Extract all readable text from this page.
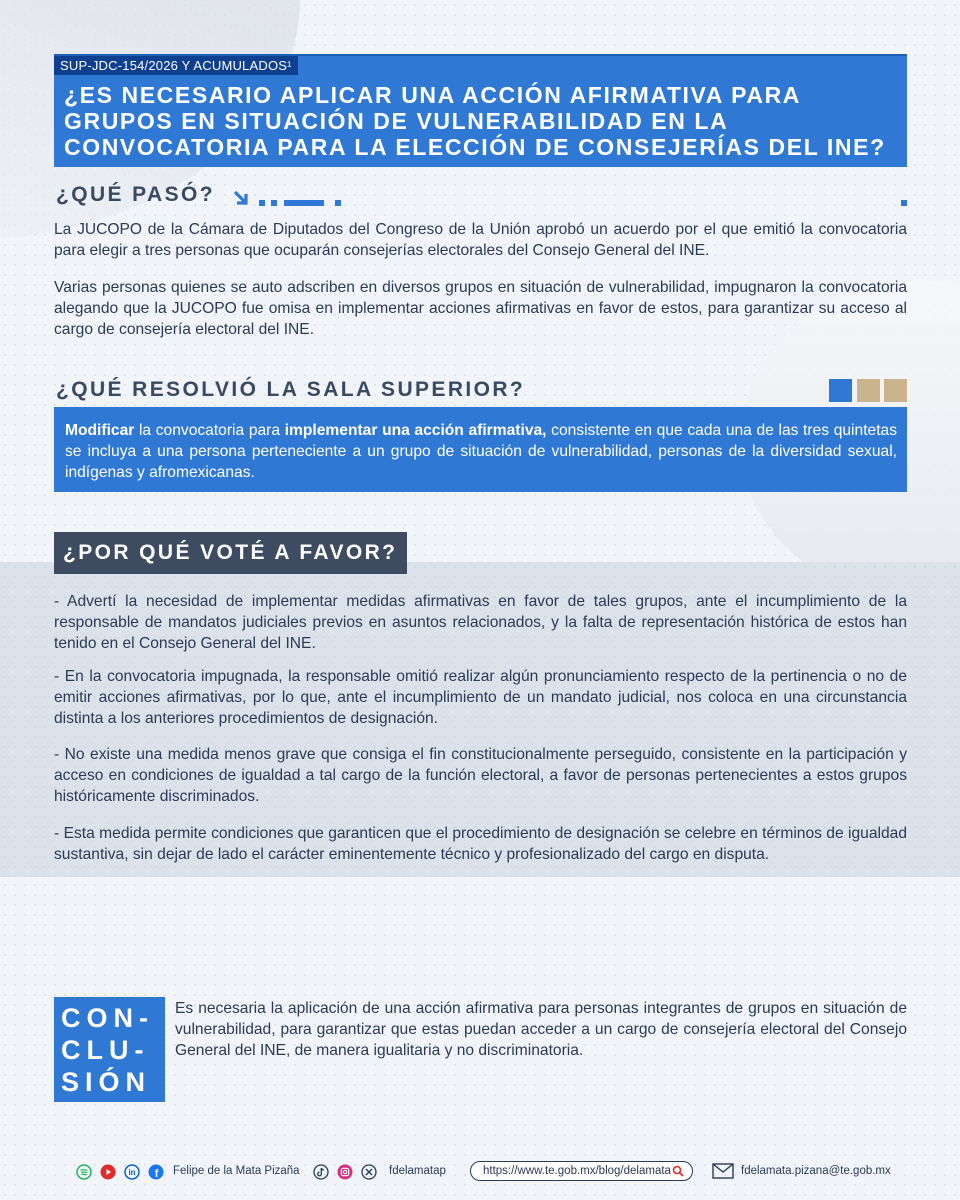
¿ES NECESARIO APLICAR UNA ACCIÓN AFIRMATIVA PARA GRUPOS EN SITUACIÓN DE VULNERABILIDAD EN LA CONVOCATORIA PARA LA ELECCIÓN DE CONSEJERÍAS DEL INE?
SUP-JDC-154/2026 Y ACUMULADOS¹
¿QUÉ PASÓ?

La JUCOPO de la Cámara de Diputados del Congreso de la Unión aprobó un acuerdo por el que emitió la convocatoria para elegir a tres personas que ocuparán consejerías electorales del Consejo General del INE.

Varias personas quienes se auto adscriben en diversos grupos en situación de vulnerabilidad, impugnaron la convocatoria alegando que la JUCOPO fue omisa en implementar acciones afirmativas en favor de estos, para garantizar su acceso al cargo de consejería electoral del INE.

¿QUÉ RESOLVIÓ LA SALA SUPERIOR?

Modificar la convocatoria para implementar una acción afirmativa, consistente en que cada una de las tres quintetas se incluya a una persona perteneciente a un grupo de situación de vulnerabilidad, personas de la diversidad sexual, indígenas y afromexicanas.

¿POR QUÉ VOTÉ A FAVOR?

- Advertí la necesidad de implementar medidas afirmativas en favor de tales grupos, ante el incumplimiento de la responsable de mandatos judiciales previos en asuntos relacionados, y la falta de representación histórica de estos han tenido en el Consejo General del INE.

- En la convocatoria impugnada, la responsable omitió realizar algún pronunciamiento respecto de la pertinencia o no de emitir acciones afirmativas, por lo que, ante el incumplimiento de un mandato judicial, nos coloca en una circunstancia distinta a los anteriores procedimientos de designación.

- No existe una medida menos grave que consiga el fin constitucionalmente perseguido, consistente en la participación y acceso en condiciones de igualdad a tal cargo de la función electoral, a favor de personas pertenecientes a estos grupos históricamente discriminados.

- Esta medida permite condiciones que garanticen que el procedimiento de designación se celebre en términos de igualdad sustantiva, sin dejar de lado el carácter eminentemente técnico y profesionalizado del cargo en disputa.

CON-
CLU-
SIÓN

Es necesaria la aplicación de una acción afirmativa para personas integrantes de grupos en situación de vulnerabilidad, para garantizar que estas puedan acceder a un cargo de consejería electoral del Consejo General del INE, de manera igualitaria y no discriminatoria.

in f Felipe de la Mata Pizaña	fdelamatap	https://www.te.gob.mx/blog/delamata	fdelamata.pizana@te.gob.mx
